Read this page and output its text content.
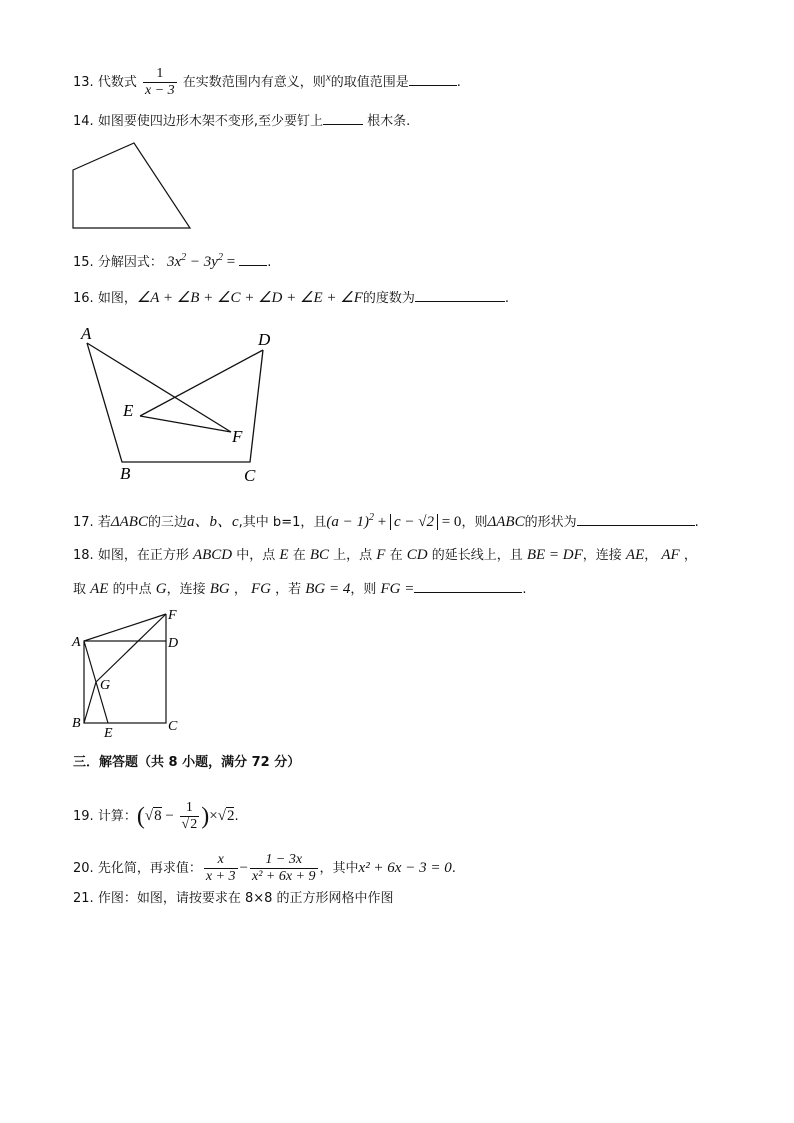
13. 代数式 $\frac{1}{x - 3}$ 在实数范围内有意义，则$^x$的取值范围是	.
14. 如图要使四边形木架不变形,至少要钉上	根木条.
15. 分解因式： $3x^2 - 3y^2$ = .
16. 如图，∠A + ∠B + ∠C + ∠D + ∠E + ∠F的度数为	.
A
B	C
D
E
F
17. 若ΔABC的三边a、b、c,其中 b=1，且$(a - 1)^2 + c - √2 = 0$，则ΔABC的形状为	.
18. 如图，在正方形 ABCD 中，点 E 在 BC 上，点 F 在 CD 的延长线上，且 BE = DF，连接 AE， AF ，
取 AE 的中点 G，连接 BG ， FG ，若 BG = 4，则 FG =	.
A
B	C
D
E
F
G
三．解答题（共 8 小题，满分 72 分）
19. 计算：$(√8 - \frac{1}{√2} )\times√2$.
20. 先化简，再求值： $\frac{x}{x + 3} - \frac{1 - 3x}{\text{x² + 6x + 9}}$ ，其中x² + 6x − 3 = 0.
21. 作图：如图，请按要求在 8×8 的正方形网格中作图
